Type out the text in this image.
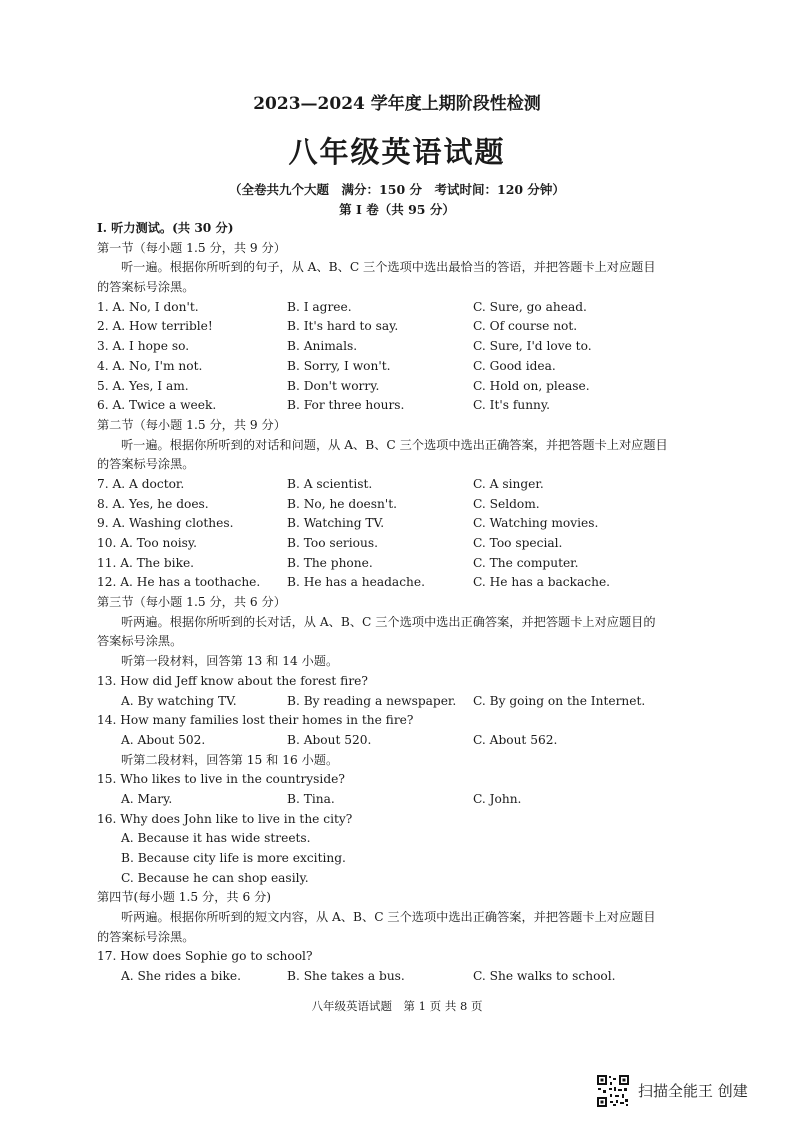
2023—2024 学年度上期阶段性检测
八年级英语试题
（全卷共九个大题　满分：150 分　考试时间：120 分钟）
第 I 卷（共 95 分）
I. 听力测试。(共 30 分)
第一节（每小题 1.5 分，共 9 分）
听一遍。根据你所听到的句子，从 A、B、C 三个选项中选出最恰当的答语，并把答题卡上对应题目
的答案标号涂黑。
1. A. No, I don't.	B. I agree.	C. Sure, go ahead.
2. A. How terrible!	B. It's hard to say.	C. Of course not.
3. A. I hope so.	B. Animals.	C. Sure, I'd love to.
4. A. No, I'm not.	B. Sorry, I won't.	C. Good idea.
5. A. Yes, I am.	B. Don't worry.	C. Hold on, please.
6. A. Twice a week.	B. For three hours.	C. It's funny.
第二节（每小题 1.5 分，共 9 分）
听一遍。根据你所听到的对话和问题，从 A、B、C 三个选项中选出正确答案，并把答题卡上对应题目
的答案标号涂黑。
7. A. A doctor.	B. A scientist.	C. A singer.
8. A. Yes, he does.	B. No, he doesn't.	C. Seldom.
9. A. Washing clothes.	B. Watching TV.	C. Watching movies.
10. A. Too noisy.	B. Too serious.	C. Too special.
11. A. The bike.	B. The phone.	C. The computer.
12. A. He has a toothache. B. He has a headache.	C. He has a backache.
第三节（每小题 1.5 分，共 6 分）
听两遍。根据你所听到的长对话，从 A、B、C 三个选项中选出正确答案，并把答题卡上对应题目的
答案标号涂黑。
听第一段材料，回答第 13 和 14 小题。
13. How did Jeff know about the forest fire?
A. By watching TV.	B. By reading a newspaper. C. By going on the Internet.
14. How many families lost their homes in the fire?
A. About 502.	B. About 520.	C. About 562.
听第二段材料，回答第 15 和 16 小题。
15. Who likes to live in the countryside?
A. Mary.	B. Tina.	C. John.
16. Why does John like to live in the city?
A. Because it has wide streets.
B. Because city life is more exciting.
C. Because he can shop easily.
第四节(每小题 1.5 分，共 6 分)
听两遍。根据你所听到的短文内容，从 A、B、C 三个选项中选出正确答案，并把答题卡上对应题目
的答案标号涂黑。
17. How does Sophie go to school?
A. She rides a bike.	B. She takes a bus.	C. She walks to school.
八年级英语试题　第 1 页 共 8 页
扫描全能王 创建
